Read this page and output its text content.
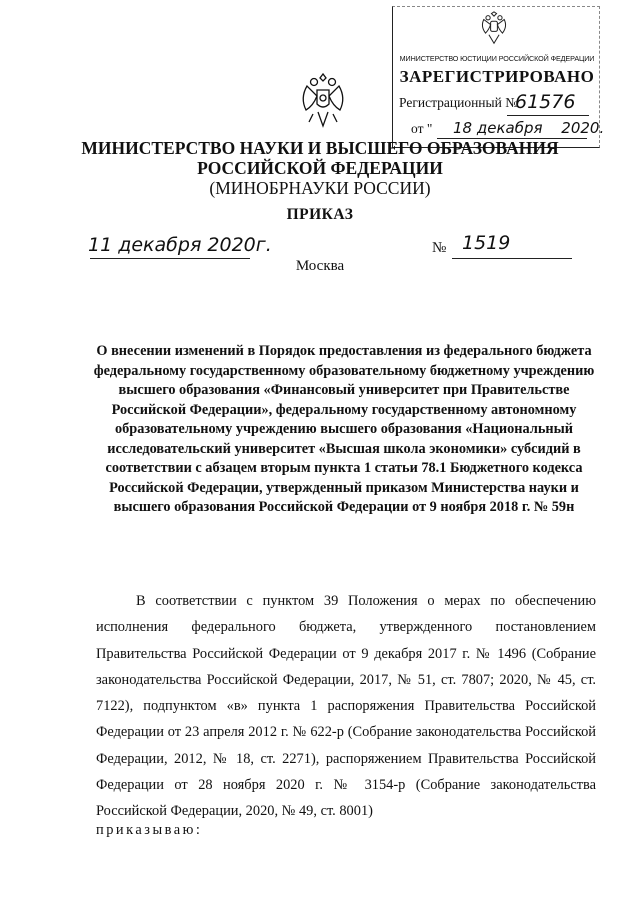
МИНИСТЕРСТВО ЮСТИЦИИ РОССИЙСКОЙ ФЕДЕРАЦИИ
ЗАРЕГИСТРИРОВАНО
Регистрационный №
61576
от "	18 декабря 2020.
МИНИСТЕРСТВО НАУКИ И ВЫСШЕГО ОБРАЗОВАНИЯ
РОССИЙСКОЙ ФЕДЕРАЦИИ
(МИНОБРНАУКИ РОССИИ)
ПРИКАЗ
11 декабря 2020г.	№ 1519
Москва
О внесении изменений в Порядок предоставления из федерального бюджета федеральному государственному образовательному бюджетному учреждению высшего образования «Финансовый университет при Правительстве Российской Федерации», федеральному государственному автономному образовательному учреждению высшего образования «Национальный исследовательский университет «Высшая школа экономики» субсидий в соответствии с абзацем вторым пункта 1 статьи 78.1 Бюджетного кодекса Российской Федерации, утвержденный приказом Министерства науки и высшего образования Российской Федерации от 9 ноября 2018 г. № 59н
В соответствии с пунктом 39 Положения о мерах по обеспечению исполнения федерального бюджета, утвержденного постановлением Правительства Российской Федерации от 9 декабря 2017 г. № 1496 (Собрание законодательства Российской Федерации, 2017, № 51, ст. 7807; 2020, № 45, ст. 7122), подпунктом «в» пункта 1 распоряжения Правительства Российской Федерации от 23 апреля 2012 г. № 622-р (Собрание законодательства Российской Федерации, 2012, № 18, ст. 2271), распоряжением Правительства Российской Федерации от 28 ноября 2020 г. № 3154-р (Собрание законодательства Российской Федерации, 2020, № 49, ст. 8001)
приказываю:
